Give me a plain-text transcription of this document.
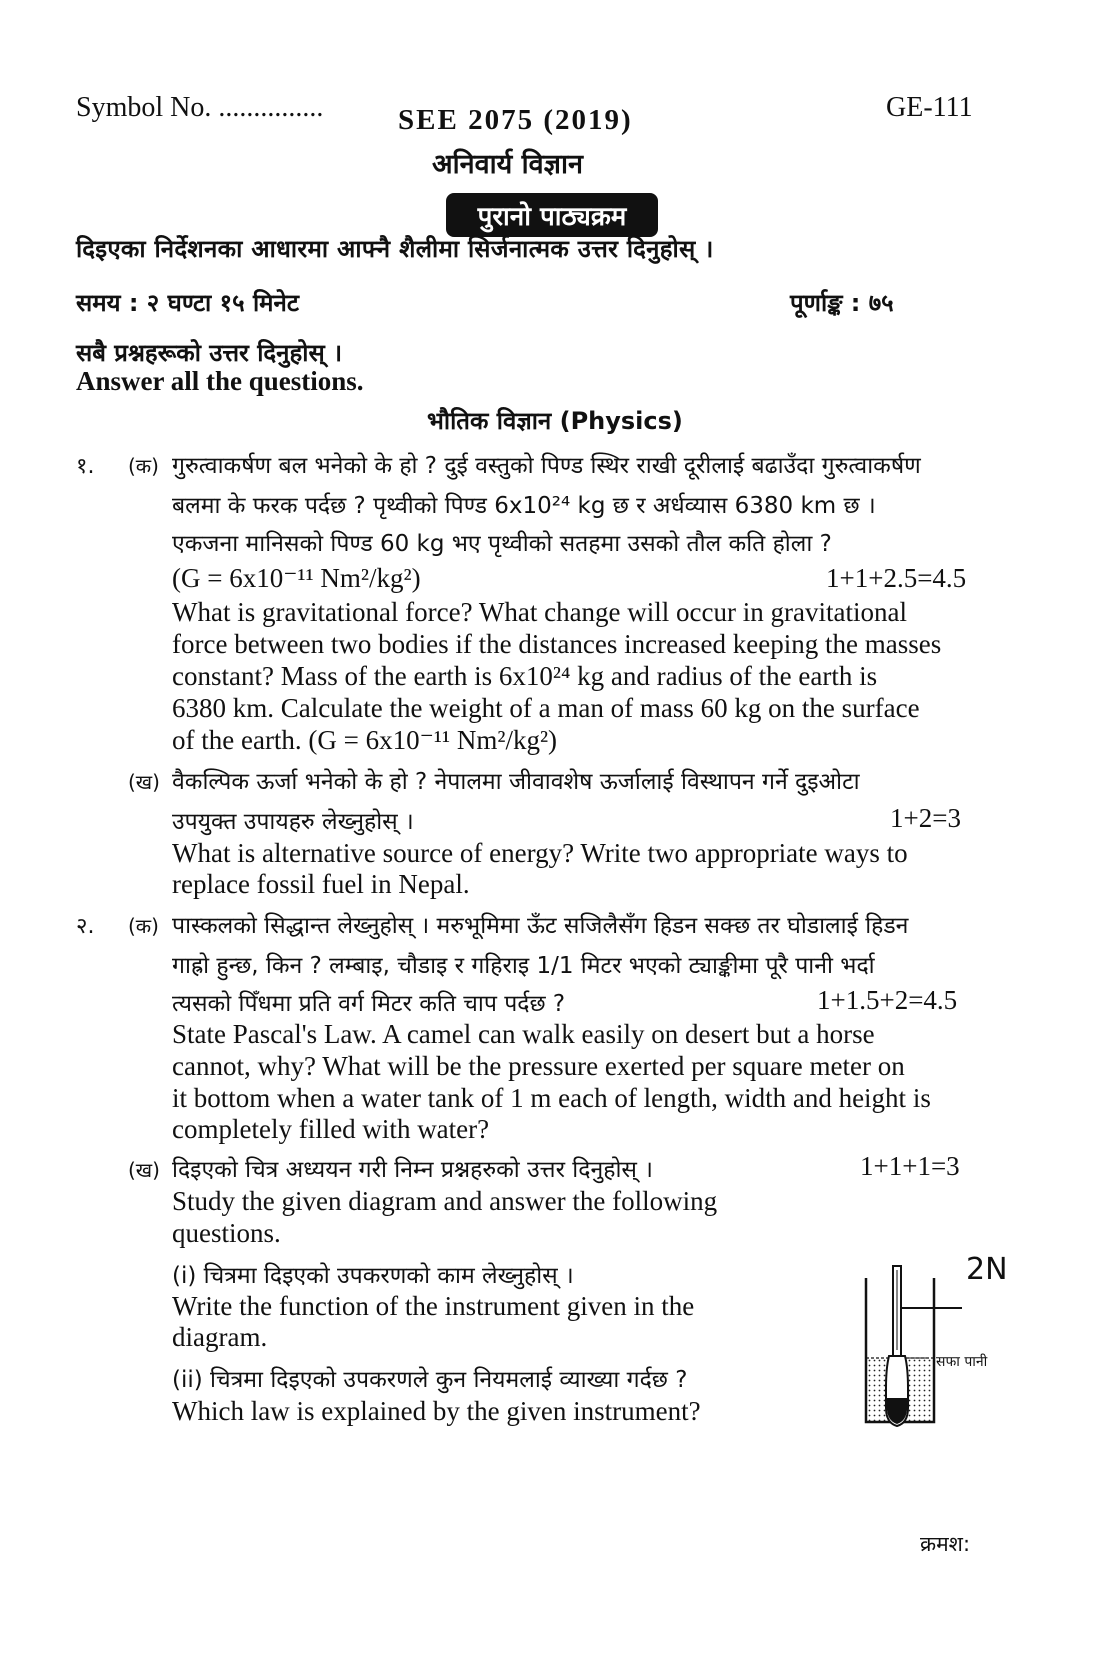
Symbol No. ...............	SEE 2075 (2019)	GE-111
अनिवार्य विज्ञान
पुरानो पाठ्यक्रम
दिइएका निर्देशनका आधारमा आफ्नै शैलीमा सिर्जनात्मक उत्तर दिनुहोस् ।
समय : २ घण्टा १५ मिनेट	पूर्णाङ्क : ७५
सबै प्रश्नहरूको उत्तर दिनुहोस् ।
Answer all the questions.
भौतिक विज्ञान (Physics)
१. (क) गुरुत्वाकर्षण बल भनेको के हो ? दुई वस्तुको पिण्ड स्थिर राखी दूरीलाई बढाउँदा गुरुत्वाकर्षण
बलमा के फरक पर्दछ ? पृथ्वीको पिण्ड 6x10²⁴ kg छ र अर्धव्यास 6380 km छ ।
एकजना मानिसको पिण्ड 60 kg भए पृथ्वीको सतहमा उसको तौल कति होला ?
(G = 6x10⁻¹¹ Nm²/kg²)	1+1+2.5=4.5
What is gravitational force? What change will occur in gravitational
force between two bodies if the distances increased keeping the masses
constant? Mass of the earth is 6x10²⁴ kg and radius of the earth is
6380 km. Calculate the weight of a man of mass 60 kg on the surface
of the earth. (G = 6x10⁻¹¹ Nm²/kg²)
(ख) वैकल्पिक ऊर्जा भनेको के हो ? नेपालमा जीवावशेष ऊर्जालाई विस्थापन गर्ने दुइओटा
उपयुक्त उपायहरु लेख्नुहोस् ।	1+2=3
What is alternative source of energy? Write two appropriate ways to
replace fossil fuel in Nepal.
२. (क) पास्कलको सिद्धान्त लेख्नुहोस् । मरुभूमिमा ऊँट सजिलैसँग हिडन सक्छ तर घोडालाई हिडन
गाह्रो हुन्छ, किन ? लम्बाइ, चौडाइ र गहिराइ 1/1 मिटर भएको ट्याङ्कीमा पूरै पानी भर्दा
त्यसको पिँधमा प्रति वर्ग मिटर कति चाप पर्दछ ?	1+1.5+2=4.5
State Pascal's Law. A camel can walk easily on desert but a horse
cannot, why? What will be the pressure exerted per square meter on
it bottom when a water tank of 1 m each of length, width and height is
completely filled with water?
(ख) दिइएको चित्र अध्ययन गरी निम्न प्रश्नहरुको उत्तर दिनुहोस् ।	1+1+1=3
Study the given diagram and answer the following
questions.
(i) चित्रमा दिइएको उपकरणको काम लेख्नुहोस् ।
Write the function of the instrument given in the
diagram.
(ii) चित्रमा दिइएको उपकरणले कुन नियमलाई व्याख्या गर्दछ ?
Which law is explained by the given instrument?
2N
सफा पानी
क्रमश:
